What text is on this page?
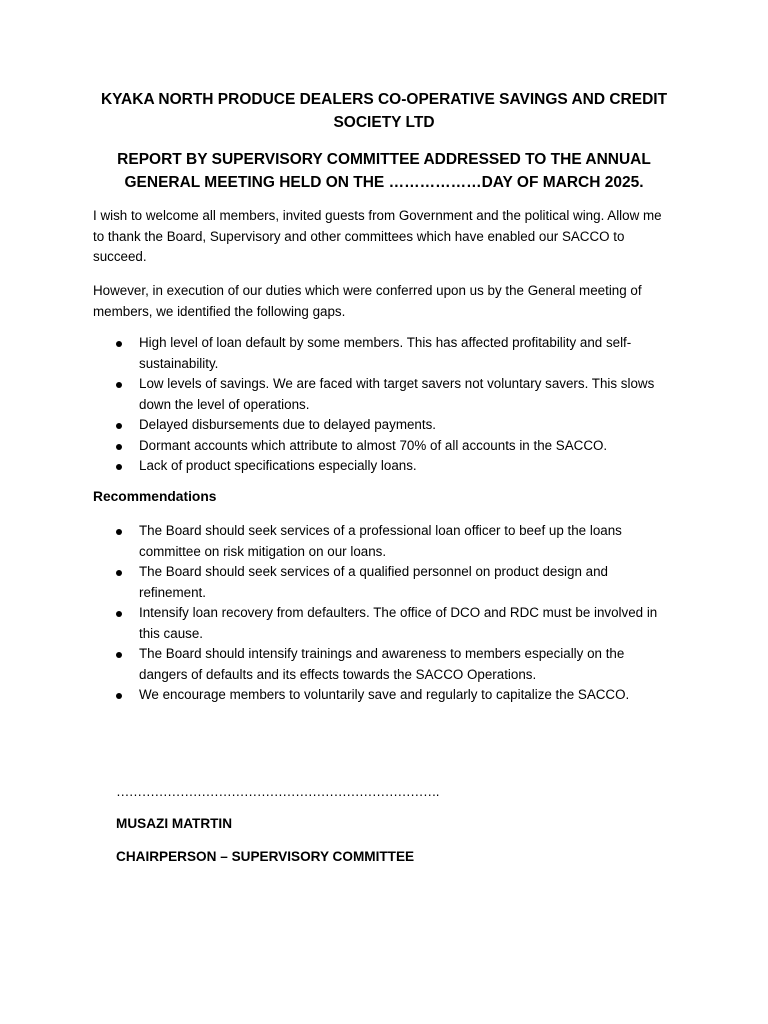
KYAKA NORTH PRODUCE DEALERS CO-OPERATIVE SAVINGS AND CREDIT SOCIETY LTD
REPORT BY SUPERVISORY COMMITTEE ADDRESSED TO THE ANNUAL GENERAL MEETING HELD ON THE ………………DAY OF MARCH 2025.

I wish to welcome all members, invited guests from Government and the political wing. Allow me to thank the Board, Supervisory and other committees which have enabled our SACCO to succeed.

However, in execution of our duties which were conferred upon us by the General meeting of members, we identified the following gaps.

High level of loan default by some members. This has affected profitability and self-sustainability.
Low levels of savings. We are faced with target savers not voluntary savers. This slows down the level of operations.
Delayed disbursements due to delayed payments.
Dormant accounts which attribute to almost 70% of all accounts in the SACCO.
Lack of product specifications especially loans.
Recommendations
The Board should seek services of a professional loan officer to beef up the loans committee on risk mitigation on our loans.
The Board should seek services of a qualified personnel on product design and refinement.
Intensify loan recovery from defaulters. The office of DCO and RDC must be involved in this cause.
The Board should intensify trainings and awareness to members especially on the dangers of defaults and its effects towards the SACCO Operations.
We encourage members to voluntarily save and regularly to capitalize the SACCO.
………………………………………………………………….
MUSAZI MATRTIN
CHAIRPERSON – SUPERVISORY COMMITTEE
